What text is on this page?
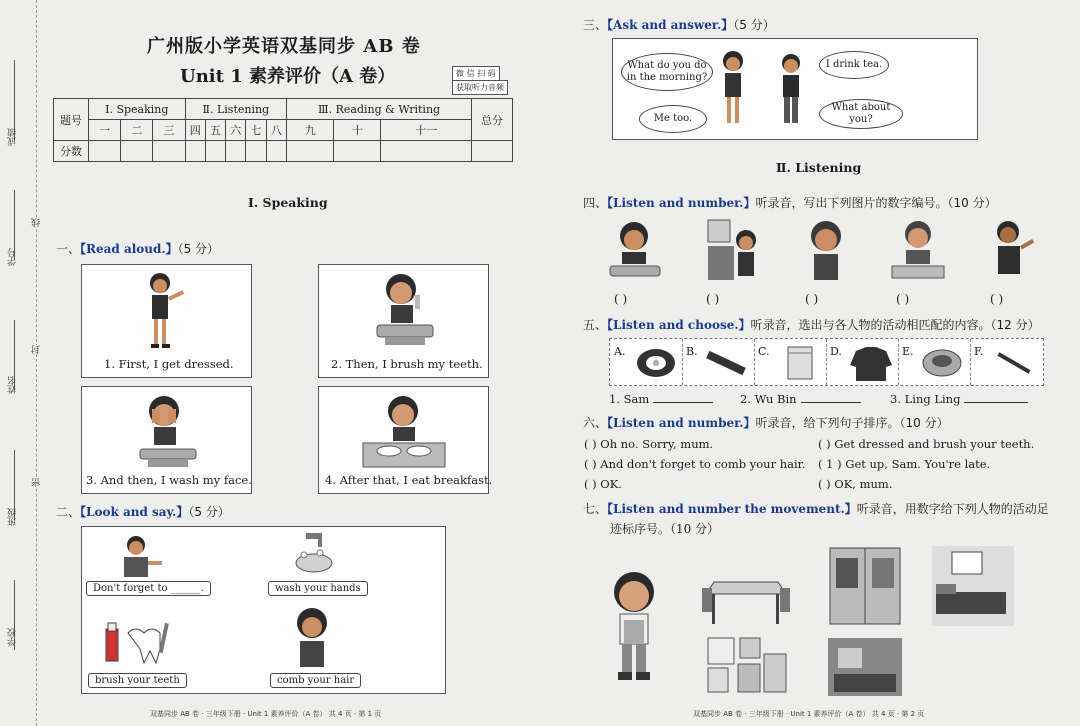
成绩
学号
姓名
班级
学校
线
封
密
广州版小学英语双基同步 AB 卷
Unit 1 素养评价（A 卷）	微 信 扫 码
获取听力音频
题号	Ⅰ. Speaking			Ⅱ. Listening					Ⅲ. Reading & Writing			总分
	一	二	三	四	五	六	七	八	九	十	十一	
分数												
Ⅰ. Speaking
一、【Read aloud.】（5 分）
1. First, I get dressed.	2. Then, I brush my teeth.
3. And then, I wash my face.	4. After that, I eat breakfast.
二、【Look and say.】（5 分）
Don't forget to ______.	wash your hands
brush your teeth	comb your hair
三、【Ask and answer.】（5 分）
What do you do in the morning?
I drink tea.
Me too.
What about you?
Ⅱ. Listening
四、【Listen and number.】听录音，写出下列图片的数字编号。（10 分）
( )	( )	( )	( )	( )
五、【Listen and choose.】听录音，选出与各人物的活动相匹配的内容。（12 分）
A.	B.	C.	D.	E.	F.
1. Sam	2. Wu Bin	3. Ling Ling
六、【Listen and number.】听录音，给下列句子排序。（10 分）
( ) Oh no. Sorry, mum.
( ) And don't forget to comb your hair.
( ) OK.
( ) Get dressed and brush your teeth.
( 1 ) Get up, Sam. You're late.
( ) OK, mum.
七、【Listen and number the movement.】听录音，用数字给下列人物的活动足
迹标序号。（10 分）
双基同步 AB 卷 · 三年级下册 · Unit 1 素养评价（A 卷） 共 4 页 · 第 1 页	双基同步 AB 卷 · 三年级下册 · Unit 1 素养评价（A 卷） 共 4 页 · 第 2 页
